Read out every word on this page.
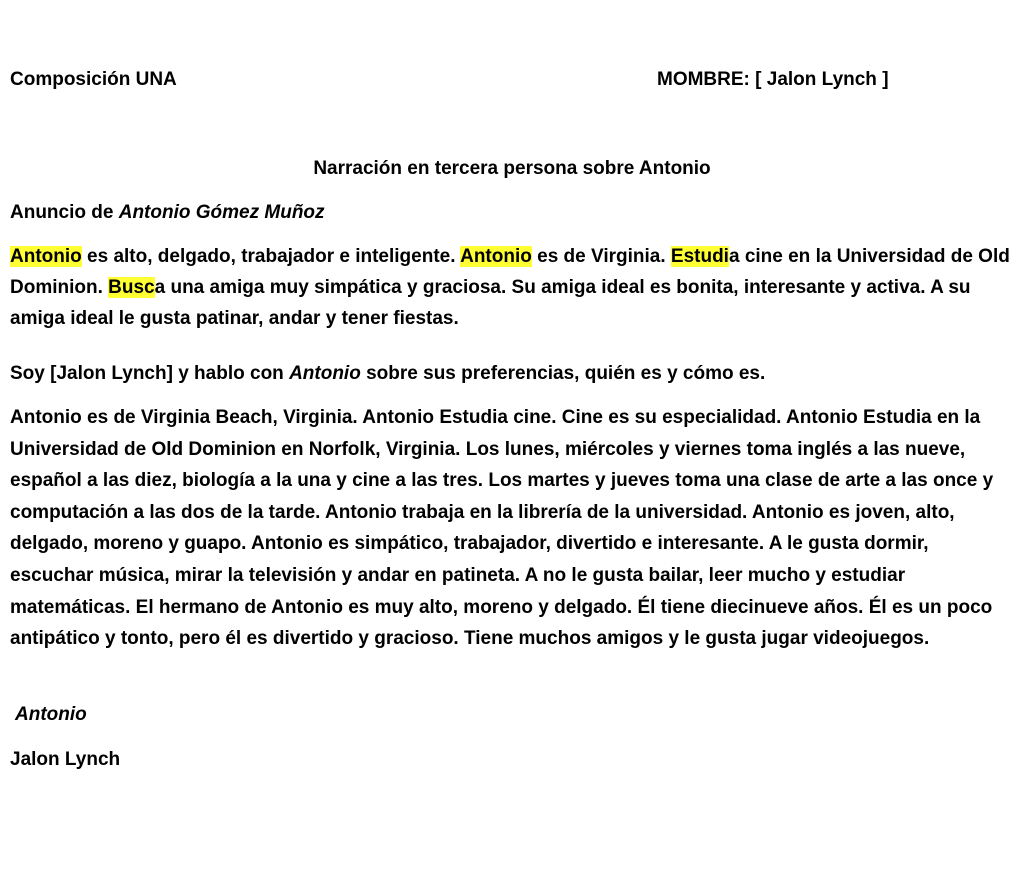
Composición UNA	MOMBRE: [ Jalon Lynch ]
Narración en tercera persona sobre Antonio
Anuncio de Antonio Gómez Muñoz
Antonio es alto, delgado, trabajador e inteligente. Antonio es de Virginia. Estudia cine en la Universidad de Old Dominion. Busca una amiga muy simpática y graciosa. Su amiga ideal es bonita, interesante y activa. A su amiga ideal le gusta patinar, andar y tener fiestas.
Soy [Jalon Lynch] y hablo con Antonio sobre sus preferencias, quién es y cómo es.
Antonio es de Virginia Beach, Virginia. Antonio Estudia cine. Cine es su especialidad. Antonio Estudia en la Universidad de Old Dominion en Norfolk, Virginia. Los lunes, miércoles y viernes toma inglés a las nueve, español a las diez, biología a la una y cine a las tres. Los martes y jueves toma una clase de arte a las once y computación a las dos de la tarde. Antonio trabaja en la librería de la universidad. Antonio es joven, alto, delgado, moreno y guapo. Antonio es simpático, trabajador, divertido e interesante. A le gusta dormir, escuchar música, mirar la televisión y andar en patineta. A no le gusta bailar, leer mucho y estudiar matemáticas. El hermano de Antonio es muy alto, moreno y delgado. Él tiene diecinueve años. Él es un poco antipático y tonto, pero él es divertido y gracioso. Tiene muchos amigos y le gusta jugar videojuegos.
Antonio
Jalon Lynch
